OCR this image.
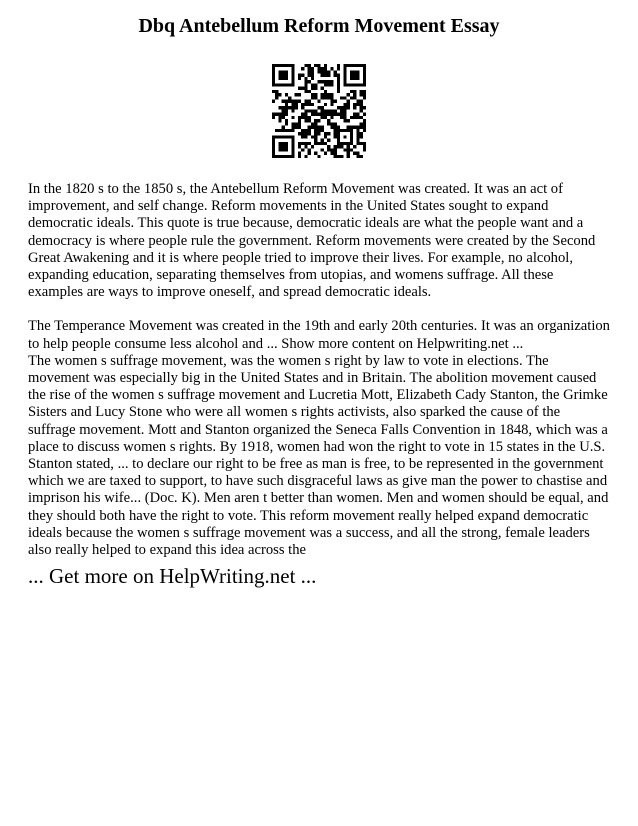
Dbq Antebellum Reform Movement Essay

In the 1820 s to the 1850 s, the Antebellum Reform Movement was created. It was an act of improvement, and self change. Reform movements in the United States sought to expand democratic ideals. This quote is true because, democratic ideals are what the people want and a democracy is where people rule the government. Reform movements were created by the Second Great Awakening and it is where people tried to improve their lives. For example, no alcohol, expanding education, separating themselves from utopias, and womens suffrage. All these examples are ways to improve oneself, and spread democratic ideals.

The Temperance Movement was created in the 19th and early 20th centuries. It was an organization to help people consume less alcohol and ... Show more content on Helpwriting.net ...

The women s suffrage movement, was the women s right by law to vote in elections. The movement was especially big in the United States and in Britain. The abolition movement caused the rise of the women s suffrage movement and Lucretia Mott, Elizabeth Cady Stanton, the Grimke Sisters and Lucy Stone who were all women s rights activists, also sparked the cause of the suffrage movement. Mott and Stanton organized the Seneca Falls Convention in 1848, which was a place to discuss women s rights. By 1918, women had won the right to vote in 15 states in the U.S. Stanton stated, ... to declare our right to be free as man is free, to be represented in the government which we are taxed to support, to have such disgraceful laws as give man the power to chastise and imprison his wife... (Doc. K). Men aren t better than women. Men and women should be equal, and they should both have the right to vote. This reform movement really helped expand democratic ideals because the women s suffrage movement was a success, and all the strong, female leaders also really helped to expand this idea across the

... Get more on HelpWriting.net ...
